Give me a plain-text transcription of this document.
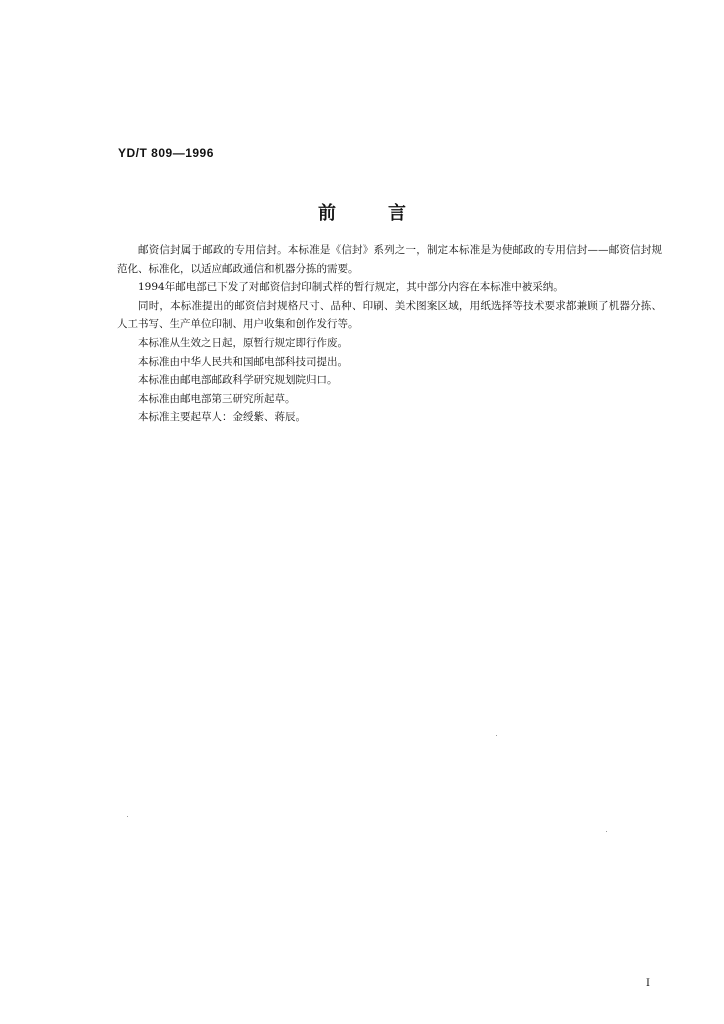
YD/T 809—1996
前	言

邮资信封属于邮政的专用信封。本标准是《信封》系列之一，制定本标准是为使邮政的专用信封——邮资信封规范化、标准化，以适应邮政通信和机器分拣的需要。

1994年邮电部已下发了对邮资信封印制式样的暂行规定，其中部分内容在本标准中被采纳。

同时，本标准提出的邮资信封规格尺寸、品种、印刷、美术图案区域，用纸选择等技术要求都兼顾了机器分拣、人工书写、生产单位印制、用户收集和创作发行等。

本标准从生效之日起，原暂行规定即行作废。

本标准由中华人民共和国邮电部科技司提出。

本标准由邮电部邮政科学研究规划院归口。

本标准由邮电部第三研究所起草。

本标准主要起草人：金绶紫、蒋辰。

I
